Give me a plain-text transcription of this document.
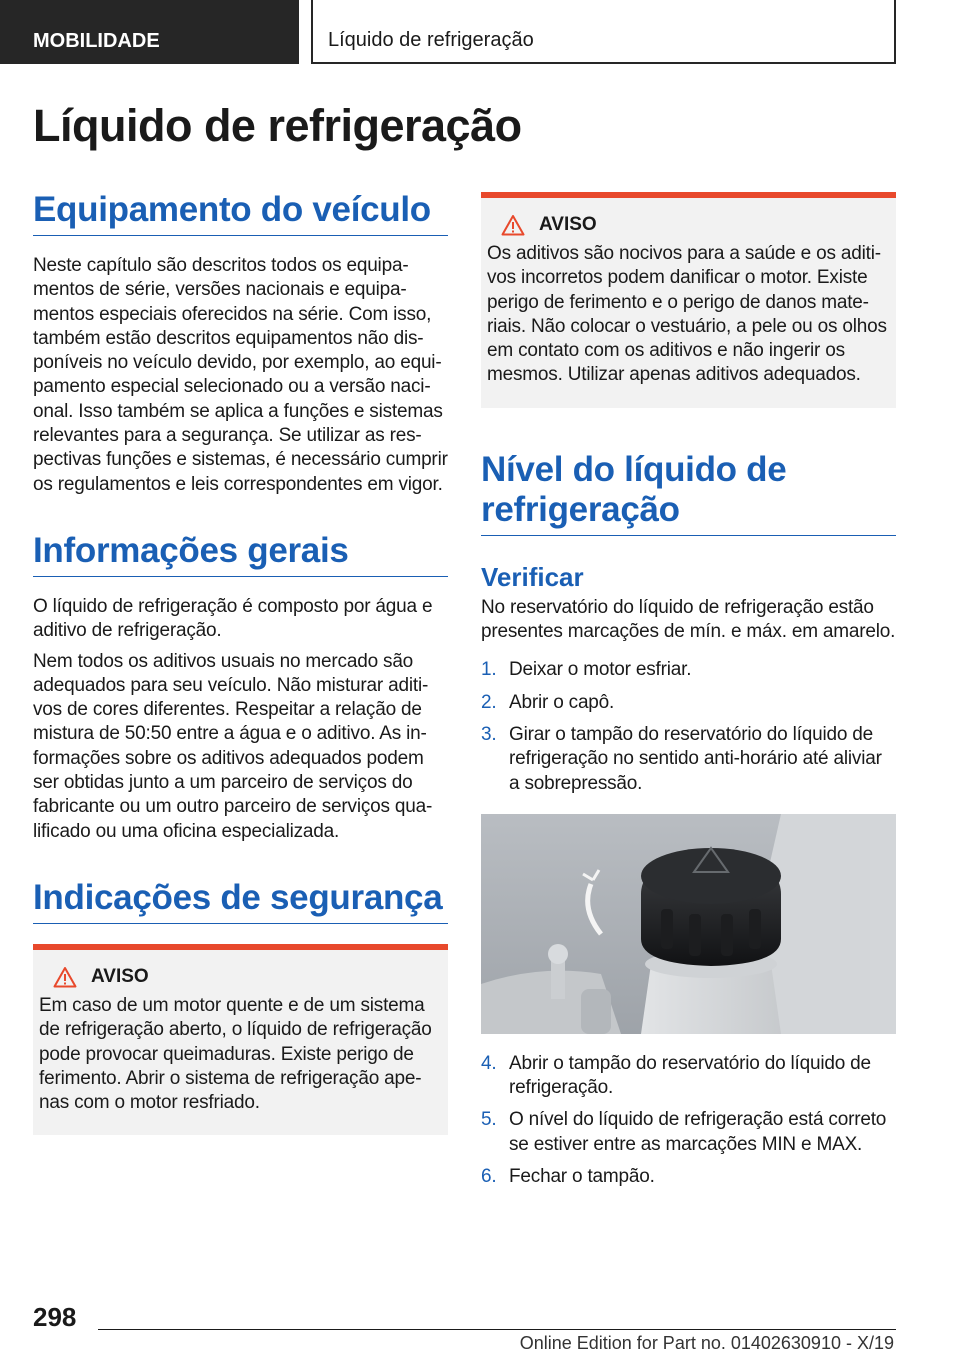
MOBILIDADE	Líquido de refrigeração
Líquido de refrigeração
Equipamento do veículo

Neste capítulo são descritos todos os equipamentos de série, versões nacionais e equipamentos especiais oferecidos na série. Com isso, também estão descritos equipamentos não disponíveis no veículo devido, por exemplo, ao equipamento especial selecionado ou a versão nacional. Isso também se aplica a funções e sistemas relevantes para a segurança. Se utilizar as respectivas funções e sistemas, é necessário cumprir os regulamentos e leis correspondentes em vigor.

Informações gerais

O líquido de refrigeração é composto por água e aditivo de refrigeração.

Nem todos os aditivos usuais no mercado são adequados para seu veículo. Não misturar aditivos de cores diferentes. Respeitar a relação de mistura de 50:50 entre a água e o aditivo. As informações sobre os aditivos adequados podem ser obtidas junto a um parceiro de serviços do fabricante ou um outro parceiro de serviços qualificado ou uma oficina especializada.

Indicações de segurança
AVISO

Em caso de um motor quente e de um sistema de refrigeração aberto, o líquido de refrigeração pode provocar queimaduras. Existe perigo de ferimento. Abrir o sistema de refrigeração apenas com o motor resfriado.

AVISO

Os aditivos são nocivos para a saúde e os aditivos incorretos podem danificar o motor. Existe perigo de ferimento e o perigo de danos materiais. Não colocar o vestuário, a pele ou os olhos em contato com os aditivos e não ingerir os mesmos. Utilizar apenas aditivos adequados.

Nível do líquido de refrigeração
Verificar

No reservatório do líquido de refrigeração estão presentes marcações de mín. e máx. em amarelo.

1. Deixar o motor esfriar.
2. Abrir o capô.
3. Girar o tampão do reservatório do líquido de refrigeração no sentido anti-horário até aliviar a sobrepressão.
4. Abrir o tampão do reservatório do líquido de refrigeração.
5. O nível do líquido de refrigeração está correto se estiver entre as marcações MIN e MAX.
6. Fechar o tampão.
298
Online Edition for Part no. 01402630910 - X/19
